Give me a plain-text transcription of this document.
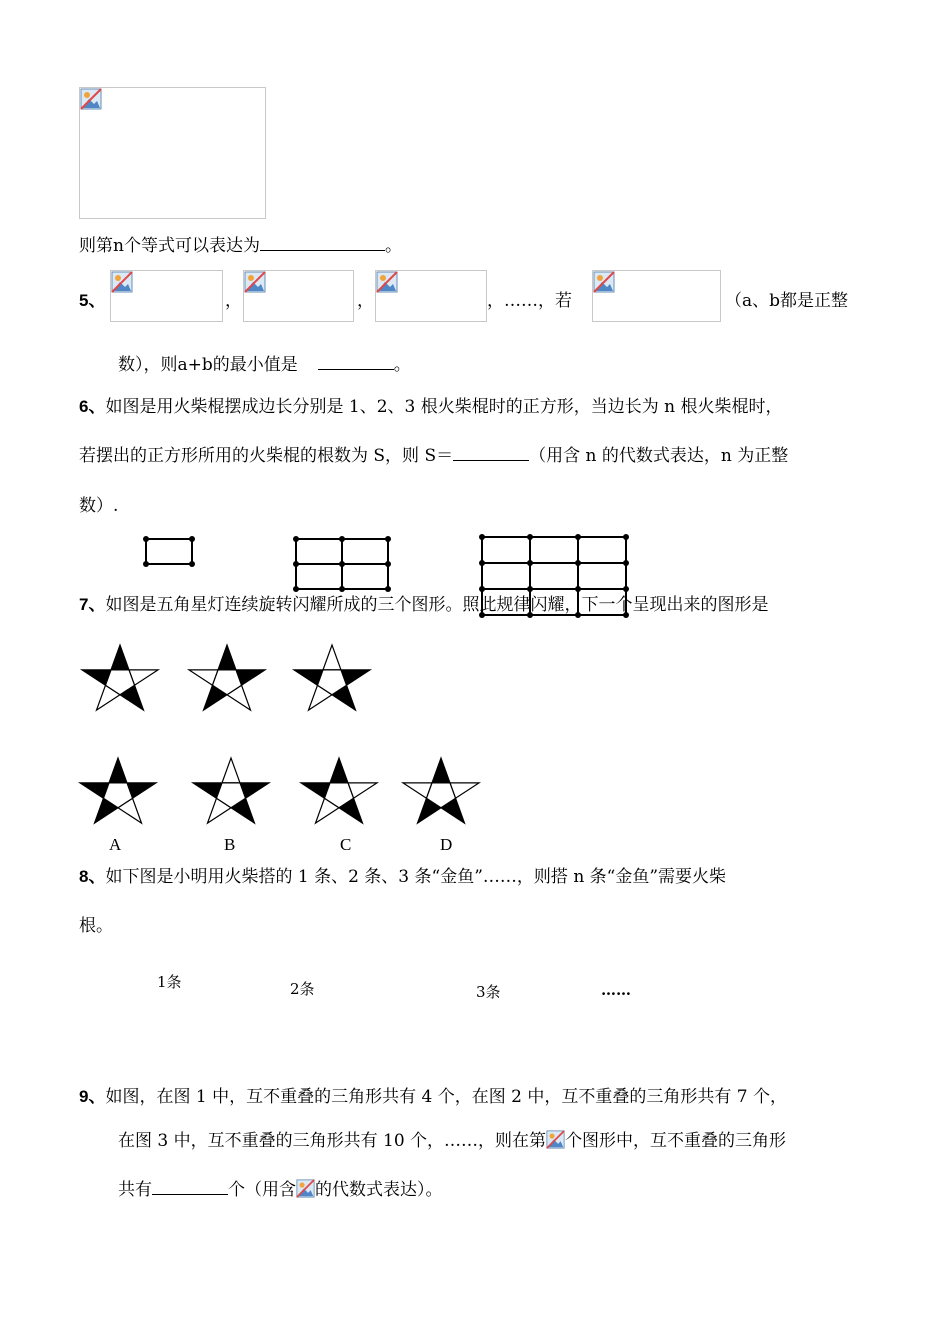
则第n个等式可以表达为	。
5、	，	，	，……，若	（a、b都是正整
数），则a+b的最小值是	。
6、如图是用火柴棍摆成边长分别是 1、2、3 根火柴棍时的正方形，当边长为 n 根火柴棍时，
若摆出的正方形所用的火柴棍的根数为 S，则 S＝	（用含 n 的代数式表达，n 为正整
数）.
7、如图是五角星灯连续旋转闪耀所成的三个图形。照此规律闪耀，下一个呈现出来的图形是
A	B	C	D
8、如下图是小明用火柴搭的 1 条、2 条、3 条“金鱼”……，则搭 n 条“金鱼”需要火柴
根。
1条	2条	3条	……
9、如图，在图 1 中，互不重叠的三角形共有 4 个，在图 2 中，互不重叠的三角形共有 7 个，
在图 3 中，互不重叠的三角形共有 10 个，……，则在第 个图形中，互不重叠的三角形
共有	个（用含 的代数式表达）。
